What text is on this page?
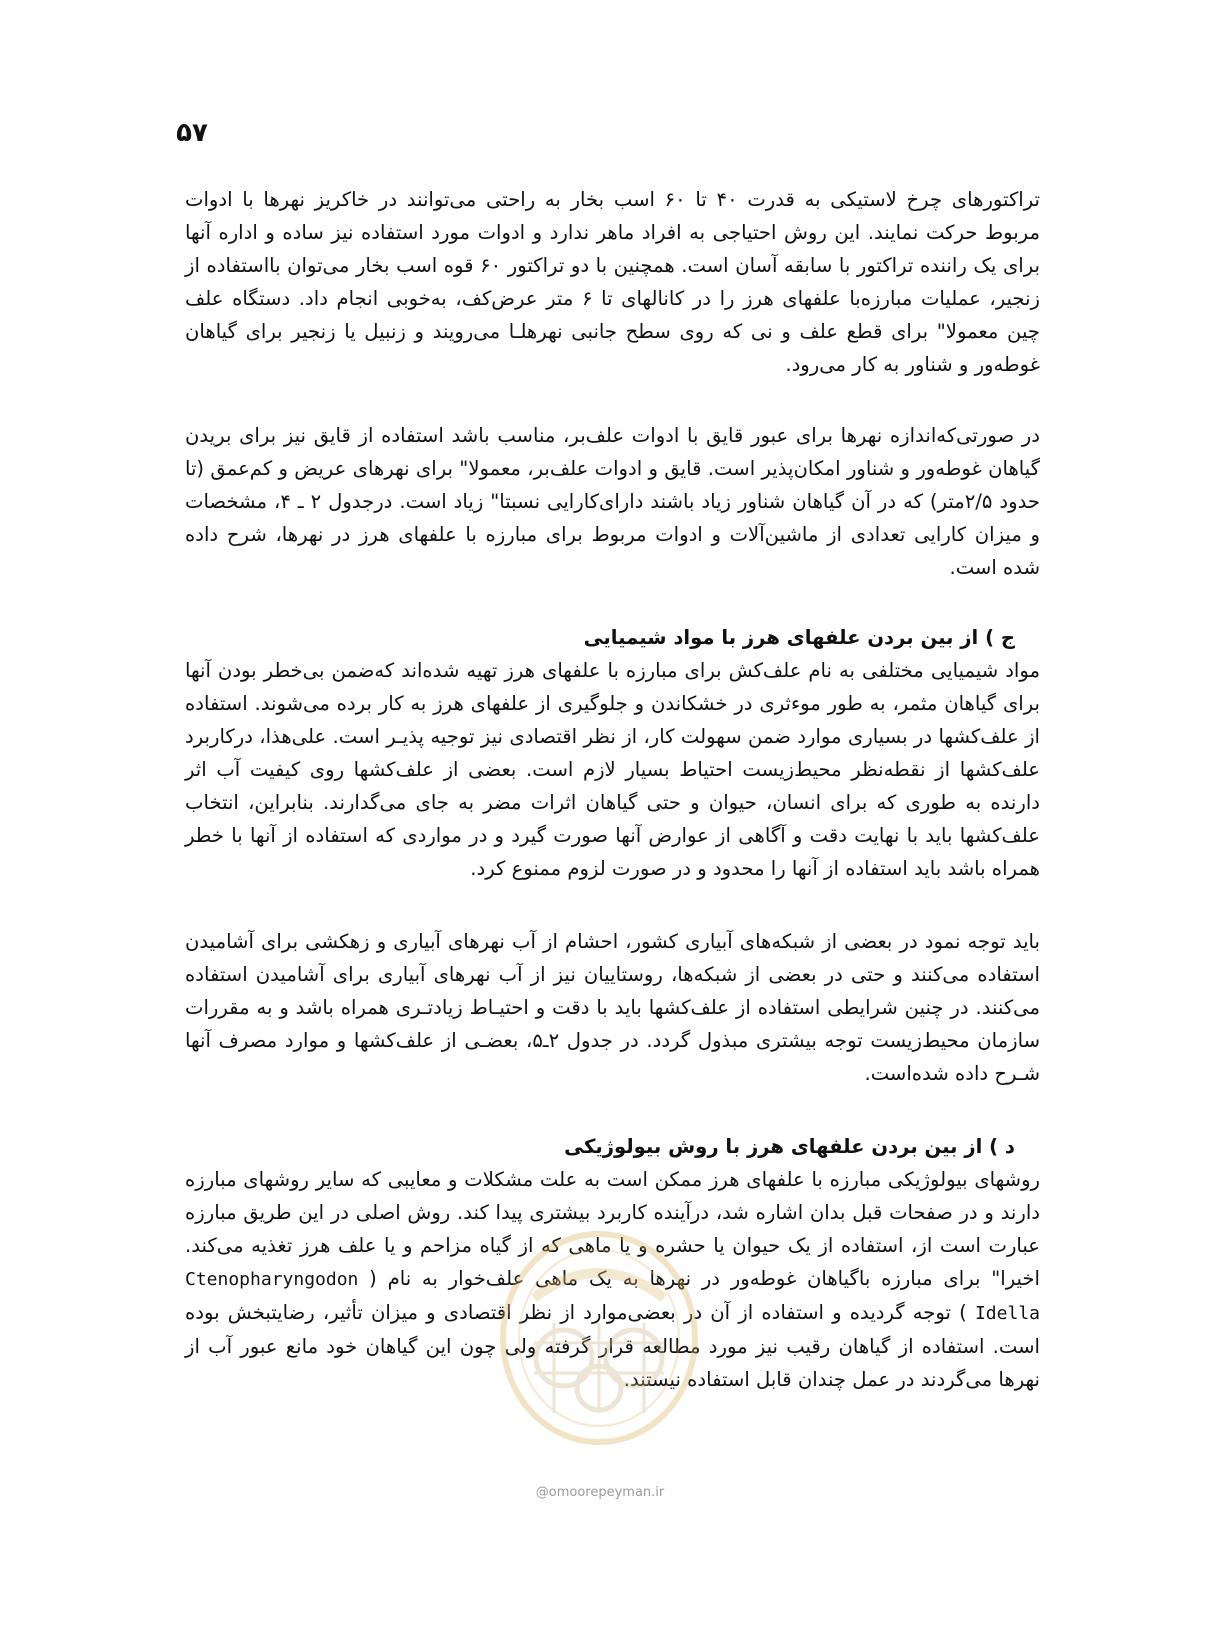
۵۷

تراکتورهای چرخ لاستیکی به قدرت ۴۰ تا ۶۰ اسب بخار به راحتی می‌توانند در خاکریز نهرها با ادوات مربوط حرکت نمایند. این روش احتیاجی به افراد ماهر ندارد و ادوات مورد استفاده نیز ساده و اداره آنها برای یک راننده تراکتور با سابقه آسان است. همچنین با دو تراکتور ۶۰ قوه اسب بخار می‌توان بااستفاده از زنجیر، عملیات مبارزه‌با علفهای هرز را در کانالهای تا ۶ متر عرض‌کف، به‌خوبی انجام داد. دستگاه علف چین معمولا" برای قطع علف و نی که روی سطح جانبی نهرهلـا می‌رویند و زنبیل یا زنجیر برای گیاهان غوطه‌ور و شناور به کار می‌رود.

در صورتی‌که‌اندازه نهرها برای عبور قایق با ادوات علف‌بر، مناسب باشد استفاده از قایق نیز برای بریدن گیاهان غوطه‌ور و شناور امکان‌پذیر است. قایق و ادوات علف‌بر، معمولا" برای نهرهای عریض و کم‌عمق (تا حدود ۲/۵متر) که در آن گیاهان شناور زیاد باشند دارای‌کارایی نسبتا" زیاد است. درجدول ۲ ـ ۴، مشخصات و میزان کارایی تعدادی از ماشین‌آلات و ادوات مربوط برای مبارزه با علفهای هرز در نهرها، شرح داده شده است.

ج ) از بین بردن علفهای هرز با مواد شیمیایی

مواد شیمیایی مختلفی به نام علف‌کش برای مبارزه با علفهای هرز تهیه شده‌اند که‌ضمن بی‌خطر بودن آنها برای گیاهان مثمر، به طور موءثری در خشکاندن و جلوگیری از علفهای هرز به کار برده می‌شوند. استفاده از علف‌کشها در بسیاری موارد ضمن سهولت کار، از نظر اقتصادی نیز توجیه پذیـر است. علی‌هذا، درکاربرد علف‌کشها از نقطه‌نظر محیط‌زیست احتیاط بسیار لازم است. بعضی از علف‌کشها روی کیفیت آب اثر دارنده به طوری که برای انسان، حیوان و حتی گیاهان اثرات مضر به جای می‌گدارند. بنابراین، انتخاب علف‌کشها باید با نهایت دقت و آگاهی از عوارض آنها صورت گیرد و در مواردی که استفاده از آنها با خطر همراه باشد باید استفاده از آنها را محدود و در صورت لزوم ممنوع کرد.

باید توجه نمود در بعضی از شبکه‌های آبیاری کشور، احشام از آب نهرهای آبیاری و زهکشی برای آشامیدن استفاده می‌کنند و حتی در بعضی از شبکه‌ها، روستاییان نیز از آب نهرهای آبیاری برای آشامیدن استفاده می‌کنند. در چنین شرایطی استفاده از علف‌کشها باید با دقت و احتیـاط زیادتـری همراه باشد و به مقررات سازمان محیط‌زیست توجه بیشتری مبذول گردد. در جدول ۲ـ۵، بعضـی از علف‌کشها و موارد مصرف آنها شـرح داده شده‌است.

د ) از بین بردن علفهای هرز با روش بیولوژیکی

روشهای بیولوژیکی مبارزه با علفهای هرز ممکن است به علت مشکلات و معایبی که سایر روشهای مبارزه دارند و در صفحات قبل بدان اشاره شد، درآینده کاربرد بیشتری پیدا کند. روش اصلی در این طریق مبارزه عبارت است از، استفاده از یک حیوان یا حشره و یا ماهی که از گیاه مزاحم و یا علف هرز تغذیه می‌کند. اخیرا" برای مبارزه باگیاهان غوطه‌ور در نهرها به یک ماهی علف‌خوار به نام ( Ctenopharyngodon Idella ) توجه گردیده و استفاده از آن در بعضی‌موارد از نظر اقتصادی و میزان تأثیر، رضایتبخش بوده است. استفاده از گیاهان رقیب نیز مورد مطالعه قرار گرفته ولی چون این گیاهان خود مانع عبور آب از نهرها می‌گردند در عمل چندان قابل استفاده نیستند.

@omoorepeyman.ir
